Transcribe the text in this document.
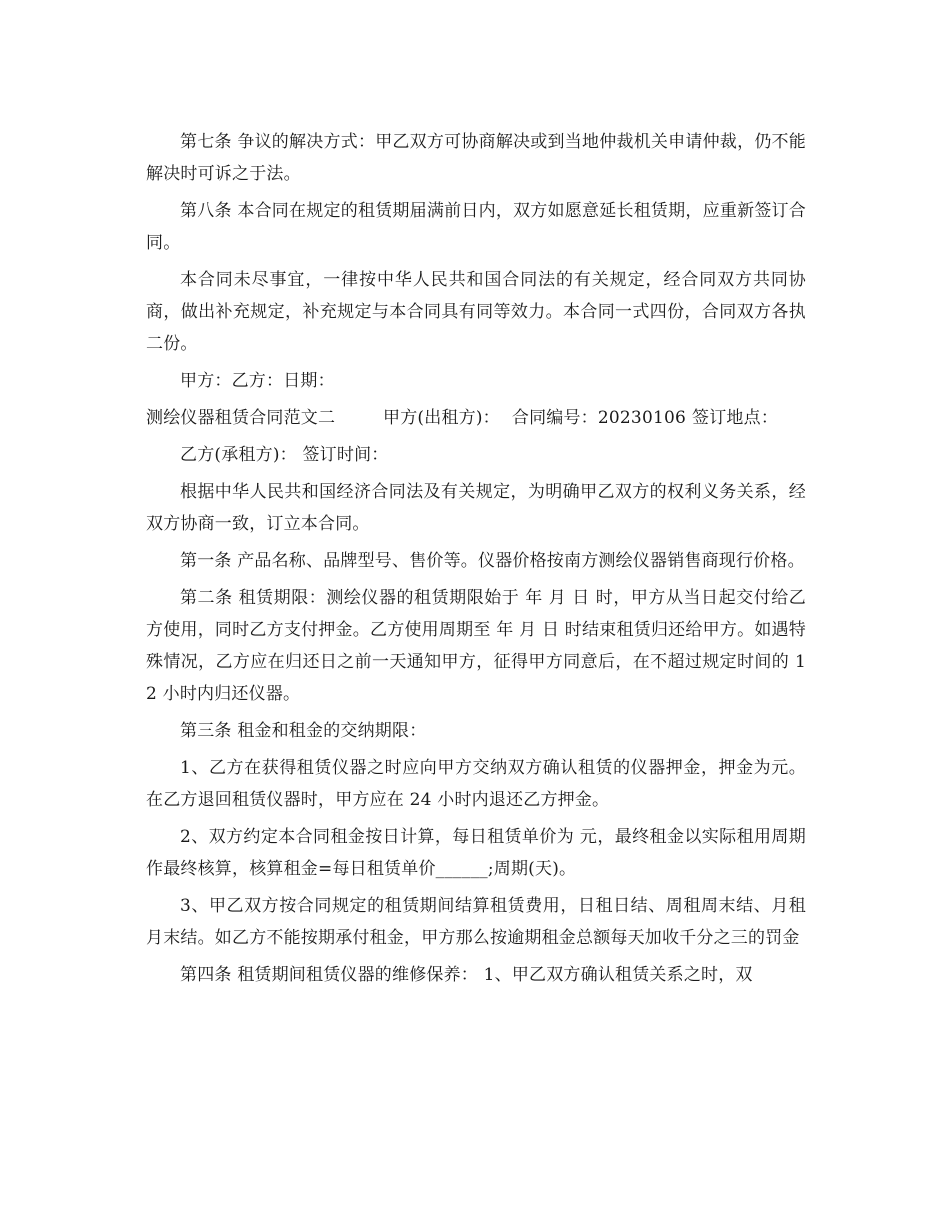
第七条 争议的解决方式：甲乙双方可协商解决或到当地仲裁机关申请仲裁，仍不能解决时可诉之于法。

第八条 本合同在规定的租赁期届满前日内，双方如愿意延长租赁期，应重新签订合同。

本合同未尽事宜，一律按中华人民共和国合同法的有关规定，经合同双方共同协商，做出补充规定，补充规定与本合同具有同等效力。本合同一式四份，合同双方各执二份。

甲方：乙方：日期：

测绘仪器租赁合同范文二	甲方(出租方)： 合同编号：20230106 签订地点：

乙方(承租方)： 签订时间：

根据中华人民共和国经济合同法及有关规定，为明确甲乙双方的权利义务关系，经双方协商一致，订立本合同。

第一条 产品名称、品牌型号、售价等。仪器价格按南方测绘仪器销售商现行价格。

第二条 租赁期限：测绘仪器的租赁期限始于 年 月 日 时，甲方从当日起交付给乙方使用，同时乙方支付押金。乙方使用周期至 年 月 日 时结束租赁归还给甲方。如遇特殊情况，乙方应在归还日之前一天通知甲方，征得甲方同意后，在不超过规定时间的 12 小时内归还仪器。

第三条 租金和租金的交纳期限：

1、乙方在获得租赁仪器之时应向甲方交纳双方确认租赁的仪器押金，押金为元。在乙方退回租赁仪器时，甲方应在 24 小时内退还乙方押金。

2、双方约定本合同租金按日计算，每日租赁单价为 元，最终租金以实际租用周期作最终核算，核算租金=每日租赁单价______;周期(天)。

3、甲乙双方按合同规定的租赁期间结算租赁费用，日租日结、周租周末结、月租月末结。如乙方不能按期承付租金，甲方那么按逾期租金总额每天加收千分之三的罚金

第四条 租赁期间租赁仪器的维修保养： 1、甲乙双方确认租赁关系之时，双
